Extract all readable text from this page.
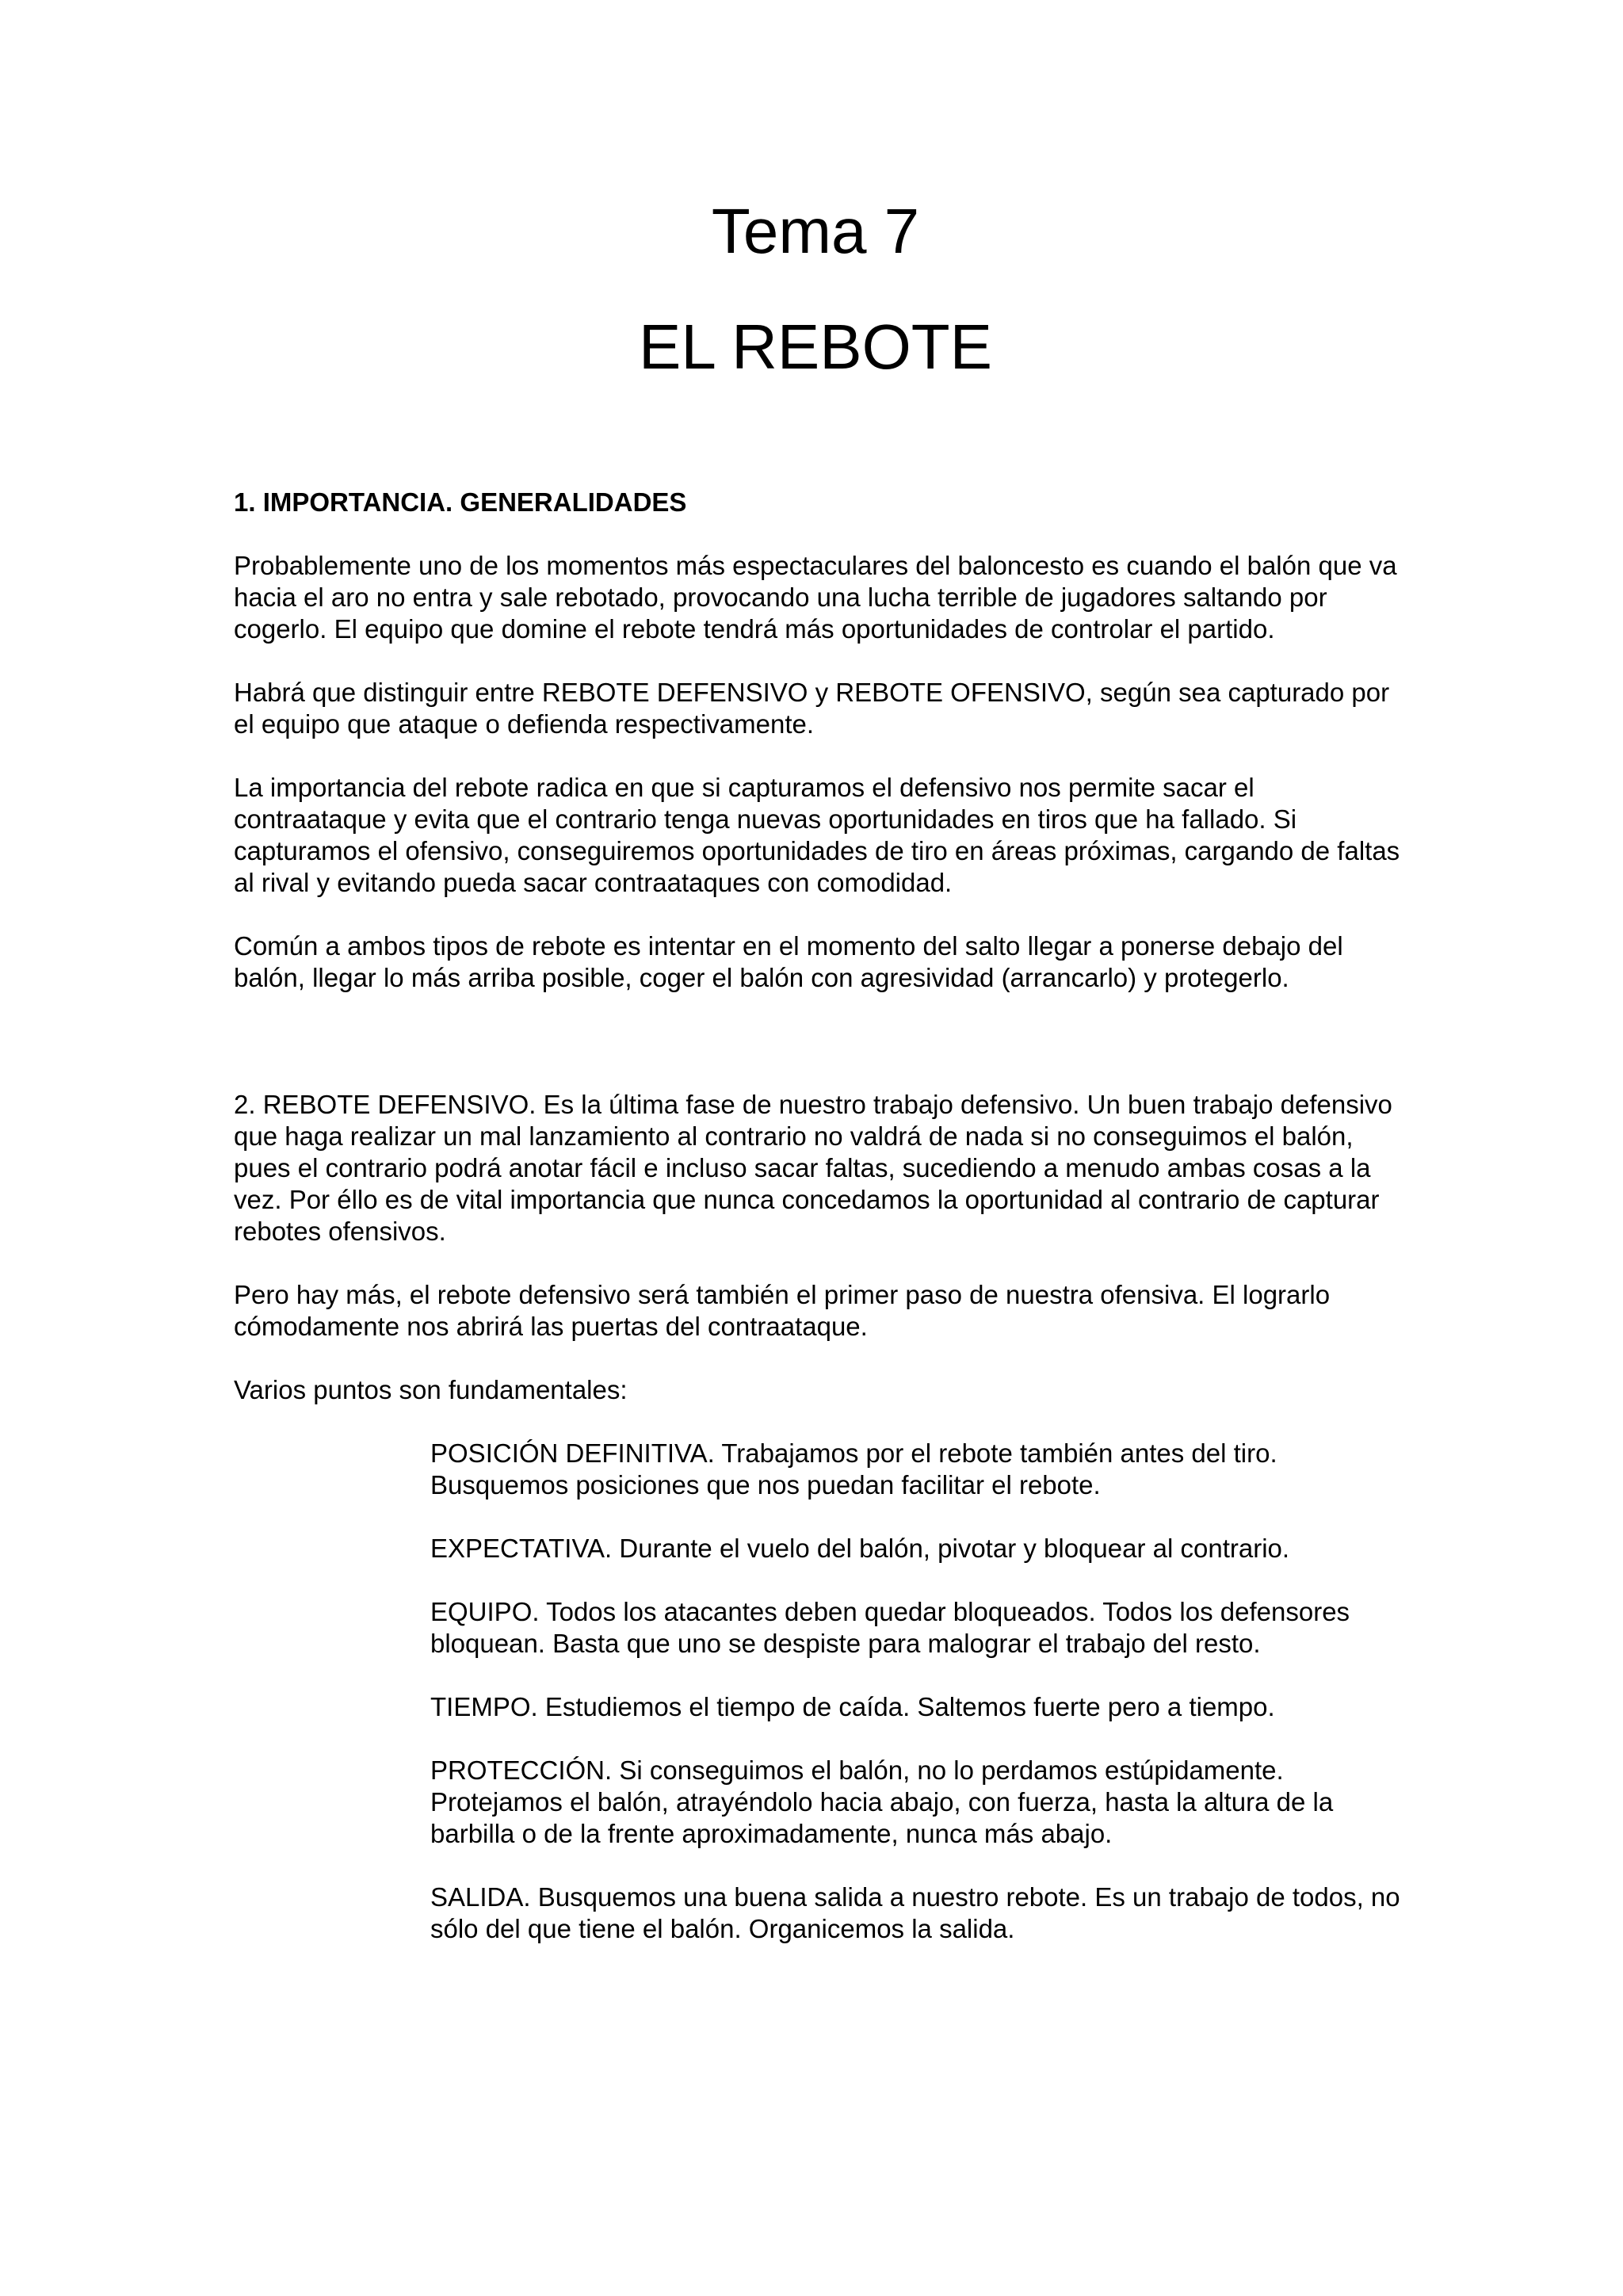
Tema 7
EL REBOTE

1. IMPORTANCIA. GENERALIDADES

Probablemente uno de los momentos más espectaculares del baloncesto es cuando el balón que va hacia el aro no entra y sale rebotado, provocando una lucha terrible de jugadores saltando por cogerlo. El equipo que domine el rebote tendrá más oportunidades de controlar el partido.

Habrá que distinguir entre REBOTE DEFENSIVO y REBOTE OFENSIVO, según sea capturado por el equipo que ataque o defienda respectivamente.

La importancia del rebote radica en que si capturamos el defensivo nos permite sacar el contraataque y evita que el contrario tenga nuevas oportunidades en tiros que ha fallado. Si capturamos el ofensivo, conseguiremos oportunidades de tiro en áreas próximas, cargando de faltas al rival y evitando pueda sacar contraataques con comodidad.

Común a ambos tipos de rebote es intentar en el momento del salto llegar a ponerse debajo del balón, llegar lo más arriba posible, coger el balón con agresividad (arrancarlo) y protegerlo.

2. REBOTE DEFENSIVO. Es la última fase de nuestro trabajo defensivo. Un buen trabajo defensivo que haga realizar un mal lanzamiento al contrario no valdrá de nada si no conseguimos el balón, pues el contrario podrá anotar fácil e incluso sacar faltas, sucediendo a menudo ambas cosas a la vez. Por éllo es de vital importancia que nunca concedamos la oportunidad al contrario de capturar rebotes ofensivos.

Pero hay más, el rebote defensivo será también el primer paso de nuestra ofensiva. El lograrlo cómodamente nos abrirá las puertas del contraataque.

Varios puntos son fundamentales:

POSICIÓN DEFINITIVA. Trabajamos por el rebote también antes del tiro. Busquemos posiciones que nos puedan facilitar el rebote.

EXPECTATIVA. Durante el vuelo del balón, pivotar y bloquear al contrario.

EQUIPO. Todos los atacantes deben quedar bloqueados. Todos los defensores bloquean. Basta que uno se despiste para malograr el trabajo del resto.

TIEMPO. Estudiemos el tiempo de caída. Saltemos fuerte pero a tiempo.

PROTECCIÓN. Si conseguimos el balón, no lo perdamos estúpidamente. Protejamos el balón, atrayéndolo hacia abajo, con fuerza, hasta la altura de la barbilla o de la frente aproximadamente, nunca más abajo.

SALIDA. Busquemos una buena salida a nuestro rebote. Es un trabajo de todos, no sólo del que tiene el balón. Organicemos la salida.
